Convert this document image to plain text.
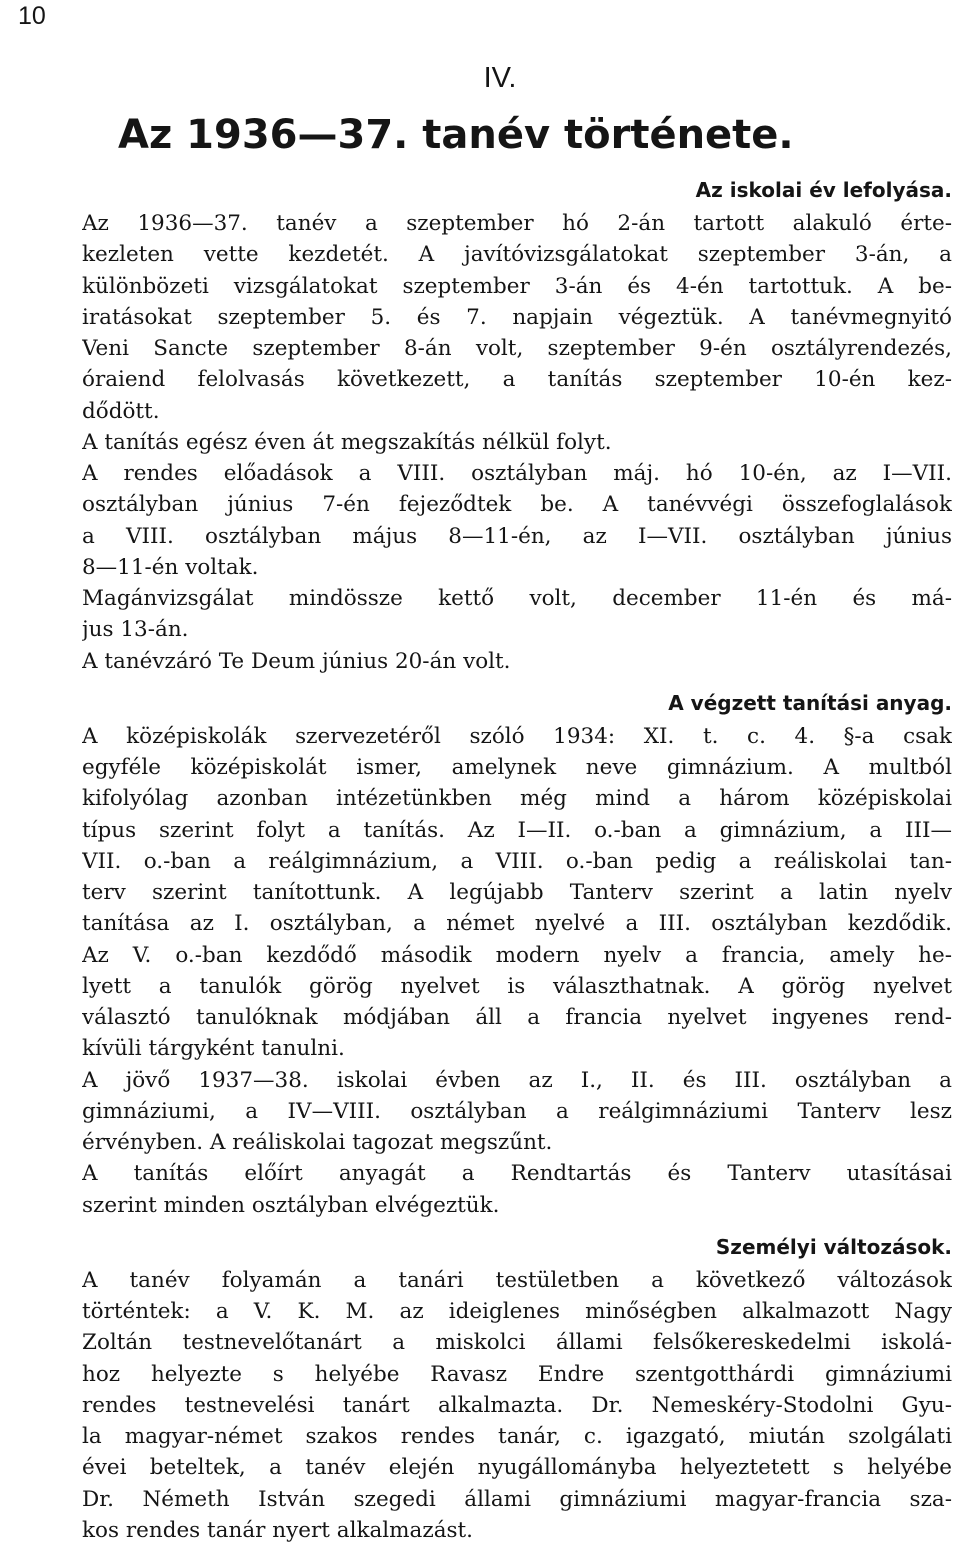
10
IV.
Az 1936—37. tanév története.
Az iskolai év lefolyása.
Az 1936—37. tanév a szeptember hó 2-án tartott alakuló érte-
kezleten vette kezdetét. A javítóvizsgálatokat szeptember 3-án, a
különbözeti vizsgálatokat szeptember 3-án és 4-én tartottuk. A be-
iratásokat szeptember 5. és 7. napjain végeztük. A tanévmegnyitó
Veni Sancte szeptember 8-án volt, szeptember 9-én osztályrendezés,
óraiend felolvasás következett, a tanítás szeptember 10-én kez-
dődött.
A tanítás egész éven át megszakítás nélkül folyt.
A rendes előadások a VIII. osztályban máj. hó 10-én, az I—VII.
osztályban június 7-én fejeződtek be. A tanévvégi összefoglalások
a VIII. osztályban május 8—11-én, az I—VII. osztályban június
8—11-én voltak.
Magánvizsgálat mindössze kettő volt, december 11-én és má-
jus 13-án.
A tanévzáró Te Deum június 20-án volt.
A végzett tanítási anyag.
A középiskolák szervezetéről szóló 1934: XI. t. c. 4. §-a csak
egyféle középiskolát ismer, amelynek neve gimnázium. A multból
kifolyólag azonban intézetünkben még mind a három középiskolai
típus szerint folyt a tanítás. Az I—II. o.-ban a gimnázium, a III—
VII. o.-ban a reálgimnázium, a VIII. o.-ban pedig a reáliskolai tan-
terv szerint tanítottunk. A legújabb Tanterv szerint a latin nyelv
tanítása az I. osztályban, a német nyelvé a III. osztályban kezdődik.
Az V. o.-ban kezdődő második modern nyelv a francia, amely he-
lyett a tanulók görög nyelvet is választhatnak. A görög nyelvet
választó tanulóknak módjában áll a francia nyelvet ingyenes rend-
kívüli tárgyként tanulni.
A jövő 1937—38. iskolai évben az I., II. és III. osztályban a
gimnáziumi, a IV—VIII. osztályban a reálgimnáziumi Tanterv lesz
érvényben. A reáliskolai tagozat megszűnt.
A tanítás előírt anyagát a Rendtartás és Tanterv utasításai
szerint minden osztályban elvégeztük.
Személyi változások.
A tanév folyamán a tanári testületben a következő változások
történtek: a V. K. M. az ideiglenes minőségben alkalmazott Nagy
Zoltán testnevelőtanárt a miskolci állami felsőkereskedelmi iskolá-
hoz helyezte s helyébe Ravasz Endre szentgotthárdi gimnáziumi
rendes testnevelési tanárt alkalmazta. Dr. Nemeskéry-Stodolni Gyu-
la magyar-német szakos rendes tanár, c. igazgató, miután szolgálati
évei beteltek, a tanév elején nyugállományba helyeztetett s helyébe
Dr. Németh István szegedi állami gimnáziumi magyar-francia sza-
kos rendes tanár nyert alkalmazást.
